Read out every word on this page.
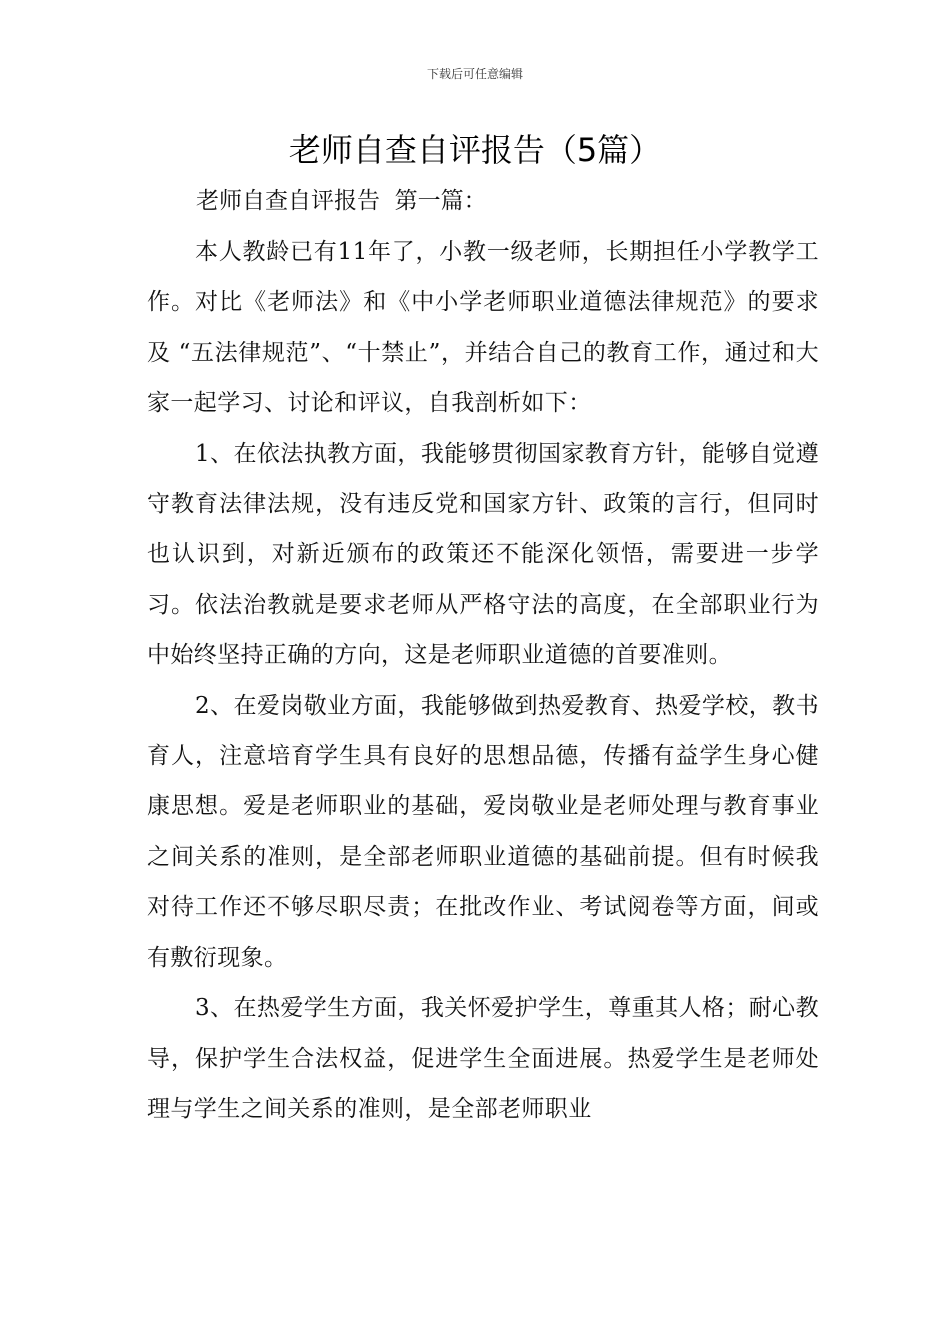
下载后可任意编辑
老师自查自评报告（5篇）
老师自查自评报告  第一篇：

本人教龄已有11年了，小教一级老师，长期担任小学教学工作。对比《老师法》和《中小学老师职业道德法律规范》的要求及 “五法律规范”、“十禁止”，并结合自己的教育工作，通过和大家一起学习、讨论和评议，自我剖析如下：

1、在依法执教方面，我能够贯彻国家教育方针，能够自觉遵守教育法律法规，没有违反党和国家方针、政策的言行，但同时也认识到，对新近颁布的政策还不能深化领悟，需要进一步学习。依法治教就是要求老师从严格守法的高度，在全部职业行为中始终坚持正确的方向，这是老师职业道德的首要准则。

2、在爱岗敬业方面，我能够做到热爱教育、热爱学校，教书育人，注意培育学生具有良好的思想品德，传播有益学生身心健康思想。爱是老师职业的基础，爱岗敬业是老师处理与教育事业之间关系的准则，是全部老师职业道德的基础前提。但有时候我对待工作还不够尽职尽责；在批改作业、考试阅卷等方面，间或有敷衍现象。

3、在热爱学生方面，我关怀爱护学生，尊重其人格；耐心教导，保护学生合法权益，促进学生全面进展。热爱学生是老师处理与学生之间关系的准则，是全部老师职业
